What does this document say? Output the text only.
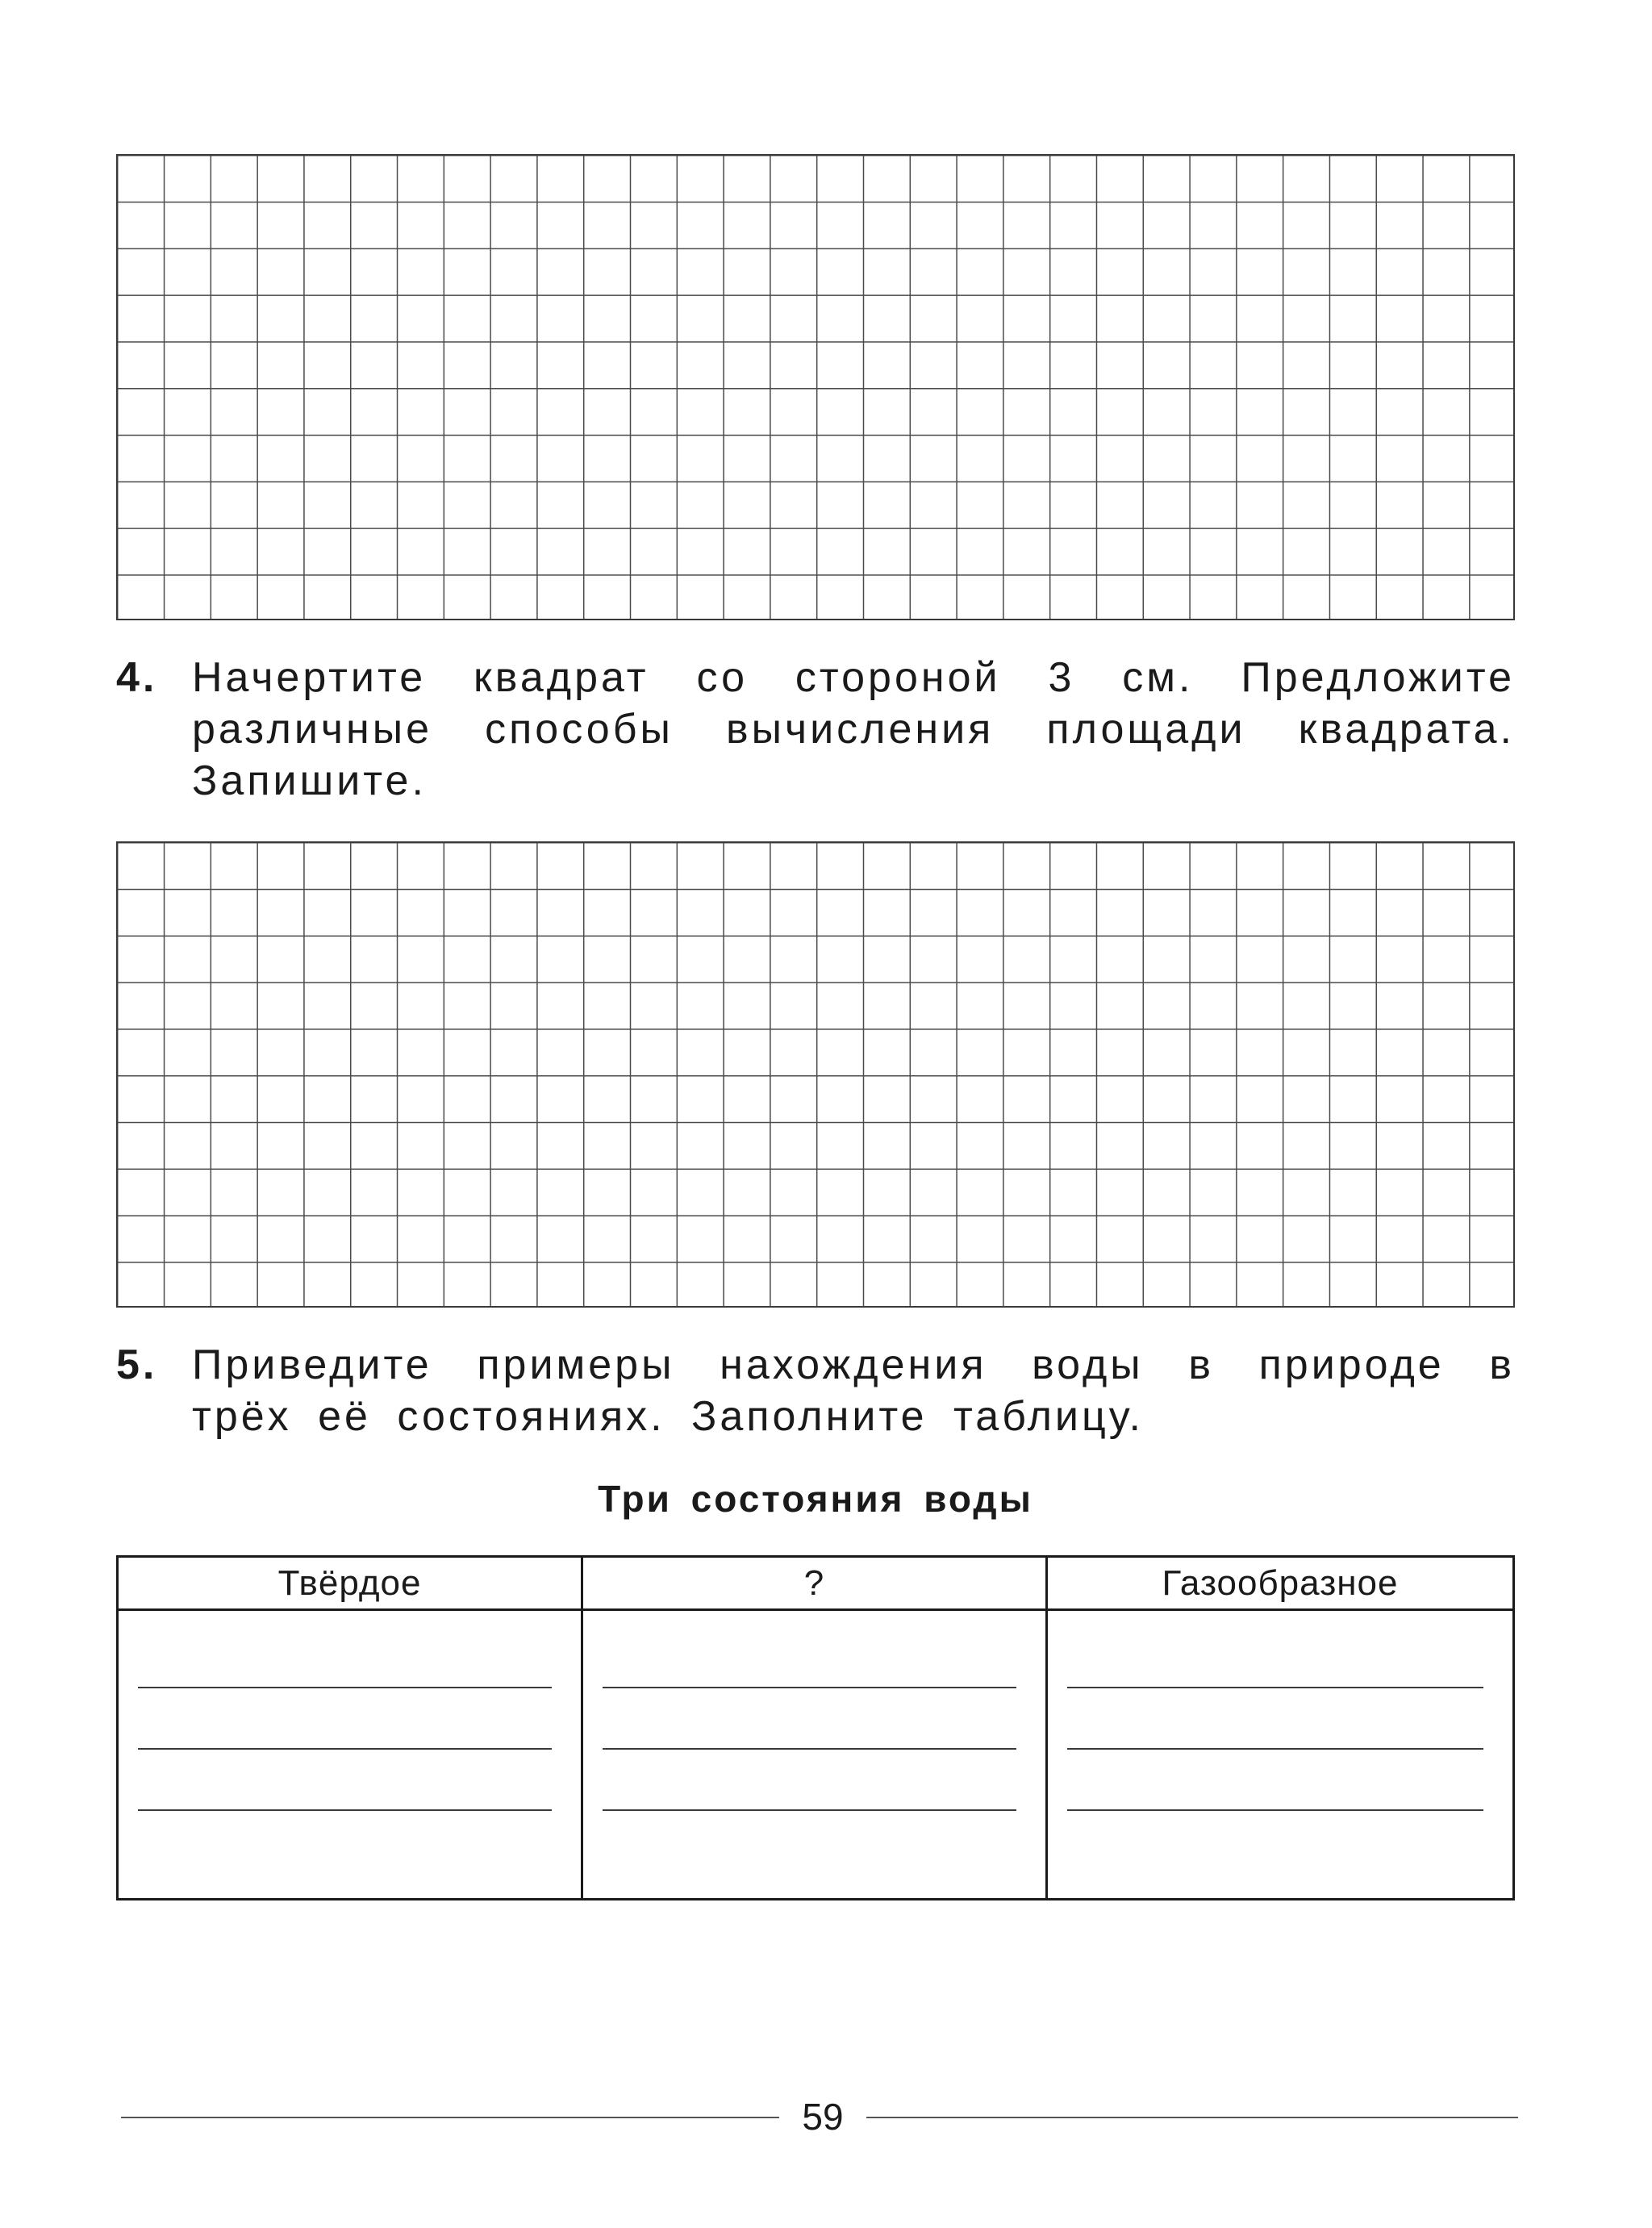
4. Начертите квадрат со стороной 3 см. Предложите различные способы вычисления площади квадрата. Запишите.
5. Приведите примеры нахождения воды в природе в трёх её состояниях. Заполните таблицу.
Три состояния воды
Твёрдое	?	Газообразное
59
